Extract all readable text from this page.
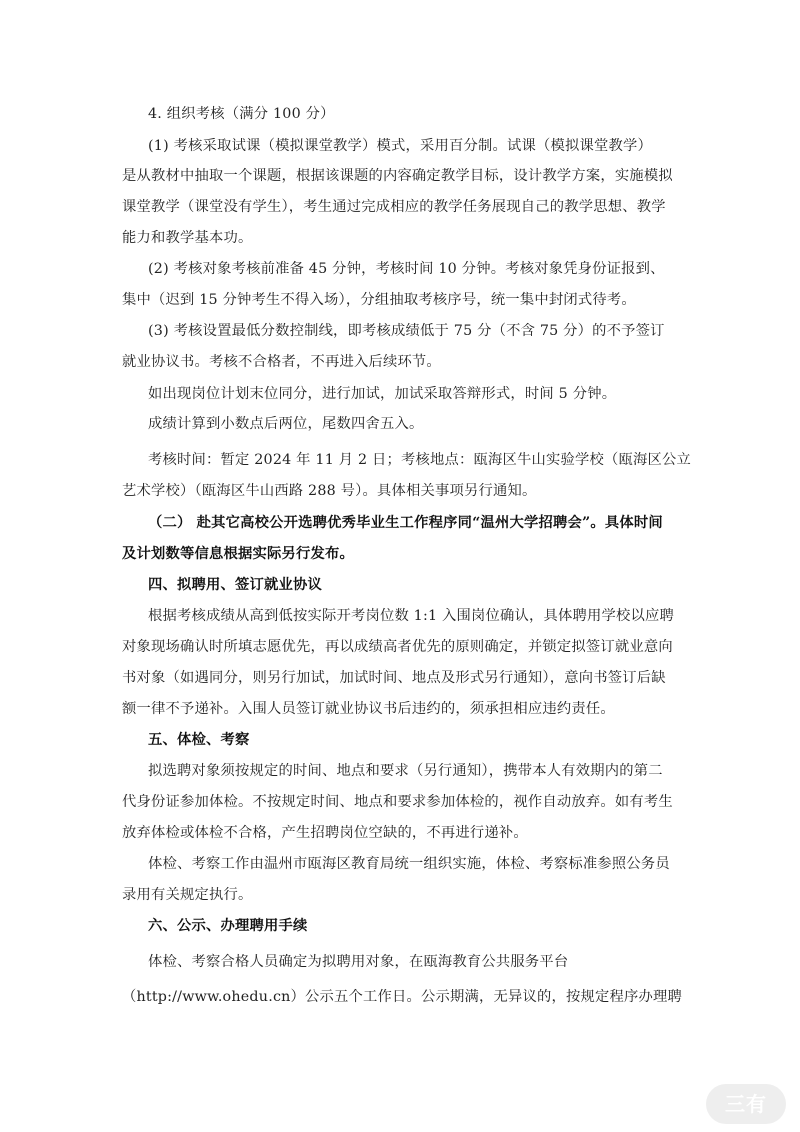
4. 组织考核（满分 100 分）
(1) 考核采取试课（模拟课堂教学）模式，采用百分制。试课（模拟课堂教学）
是从教材中抽取一个课题，根据该课题的内容确定教学目标，设计教学方案，实施模拟
课堂教学（课堂没有学生），考生通过完成相应的教学任务展现自己的教学思想、教学
能力和教学基本功。
(2) 考核对象考核前准备 45 分钟，考核时间 10 分钟。考核对象凭身份证报到、
集中（迟到 15 分钟考生不得入场），分组抽取考核序号，统一集中封闭式待考。
(3) 考核设置最低分数控制线，即考核成绩低于 75 分（不含 75 分）的不予签订
就业协议书。考核不合格者，不再进入后续环节。
如出现岗位计划末位同分，进行加试，加试采取答辩形式，时间 5 分钟。
成绩计算到小数点后两位，尾数四舍五入。
考核时间：暂定 2024 年 11 月 2 日；考核地点：瓯海区牛山实验学校（瓯海区公立
艺术学校）（瓯海区牛山西路 288 号）。具体相关事项另行通知。
（二） 赴其它高校公开选聘优秀毕业生工作程序同“温州大学招聘会”。具体时间
及计划数等信息根据实际另行发布。
四、拟聘用、签订就业协议
根据考核成绩从高到低按实际开考岗位数 1:1 入围岗位确认，具体聘用学校以应聘
对象现场确认时所填志愿优先，再以成绩高者优先的原则确定，并锁定拟签订就业意向
书对象（如遇同分，则另行加试，加试时间、地点及形式另行通知），意向书签订后缺
额一律不予递补。入围人员签订就业协议书后违约的，须承担相应违约责任。
五、体检、考察
拟选聘对象须按规定的时间、地点和要求（另行通知），携带本人有效期内的第二
代身份证参加体检。不按规定时间、地点和要求参加体检的，视作自动放弃。如有考生
放弃体检或体检不合格，产生招聘岗位空缺的，不再进行递补。
体检、考察工作由温州市瓯海区教育局统一组织实施，体检、考察标准参照公务员
录用有关规定执行。
六、公示、办理聘用手续
体检、考察合格人员确定为拟聘用对象，在瓯海教育公共服务平台
（http://www.ohedu.cn）公示五个工作日。公示期满，无异议的，按规定程序办理聘
三有
